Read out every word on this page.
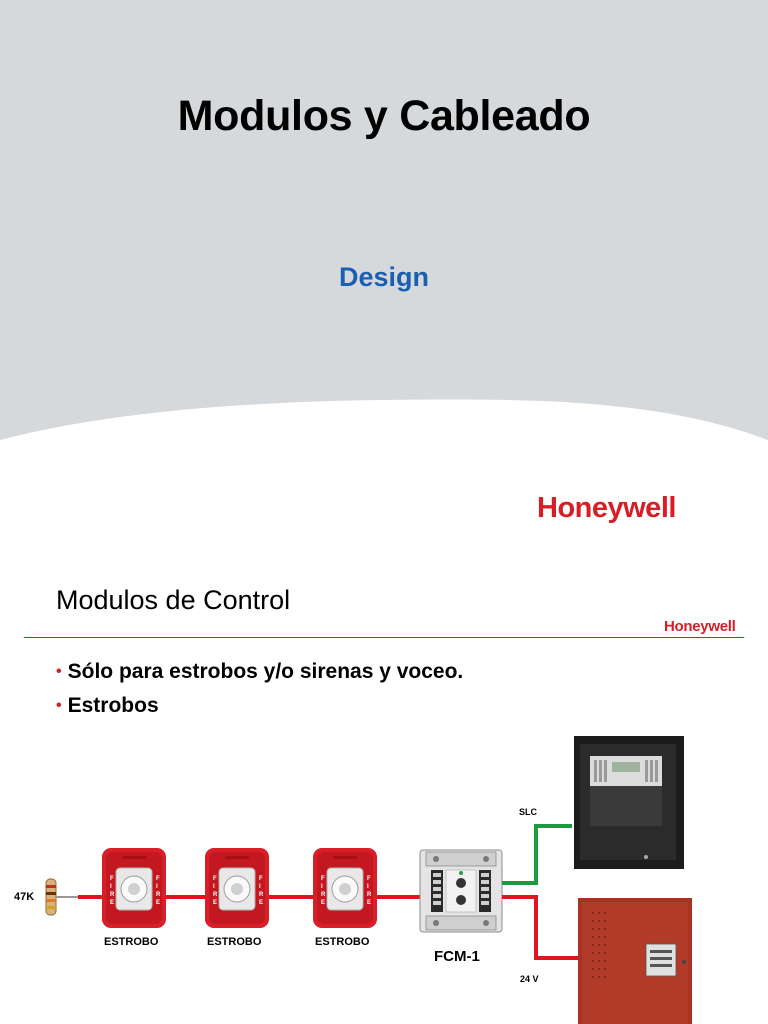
Modulos y Cableado
Design
Honeywell
Modulos de Control
Honeywell
• Sólo para estrobos y/o sirenas y voceo.
• Estrobos
F
I
R
E
F
I
R
E
F
I
R
E
F
I
R
E
F
I
R
E
F
I
R
E
47K
ESTROBO	ESTROBO	ESTROBO
FCM-1
SLC
24 V
